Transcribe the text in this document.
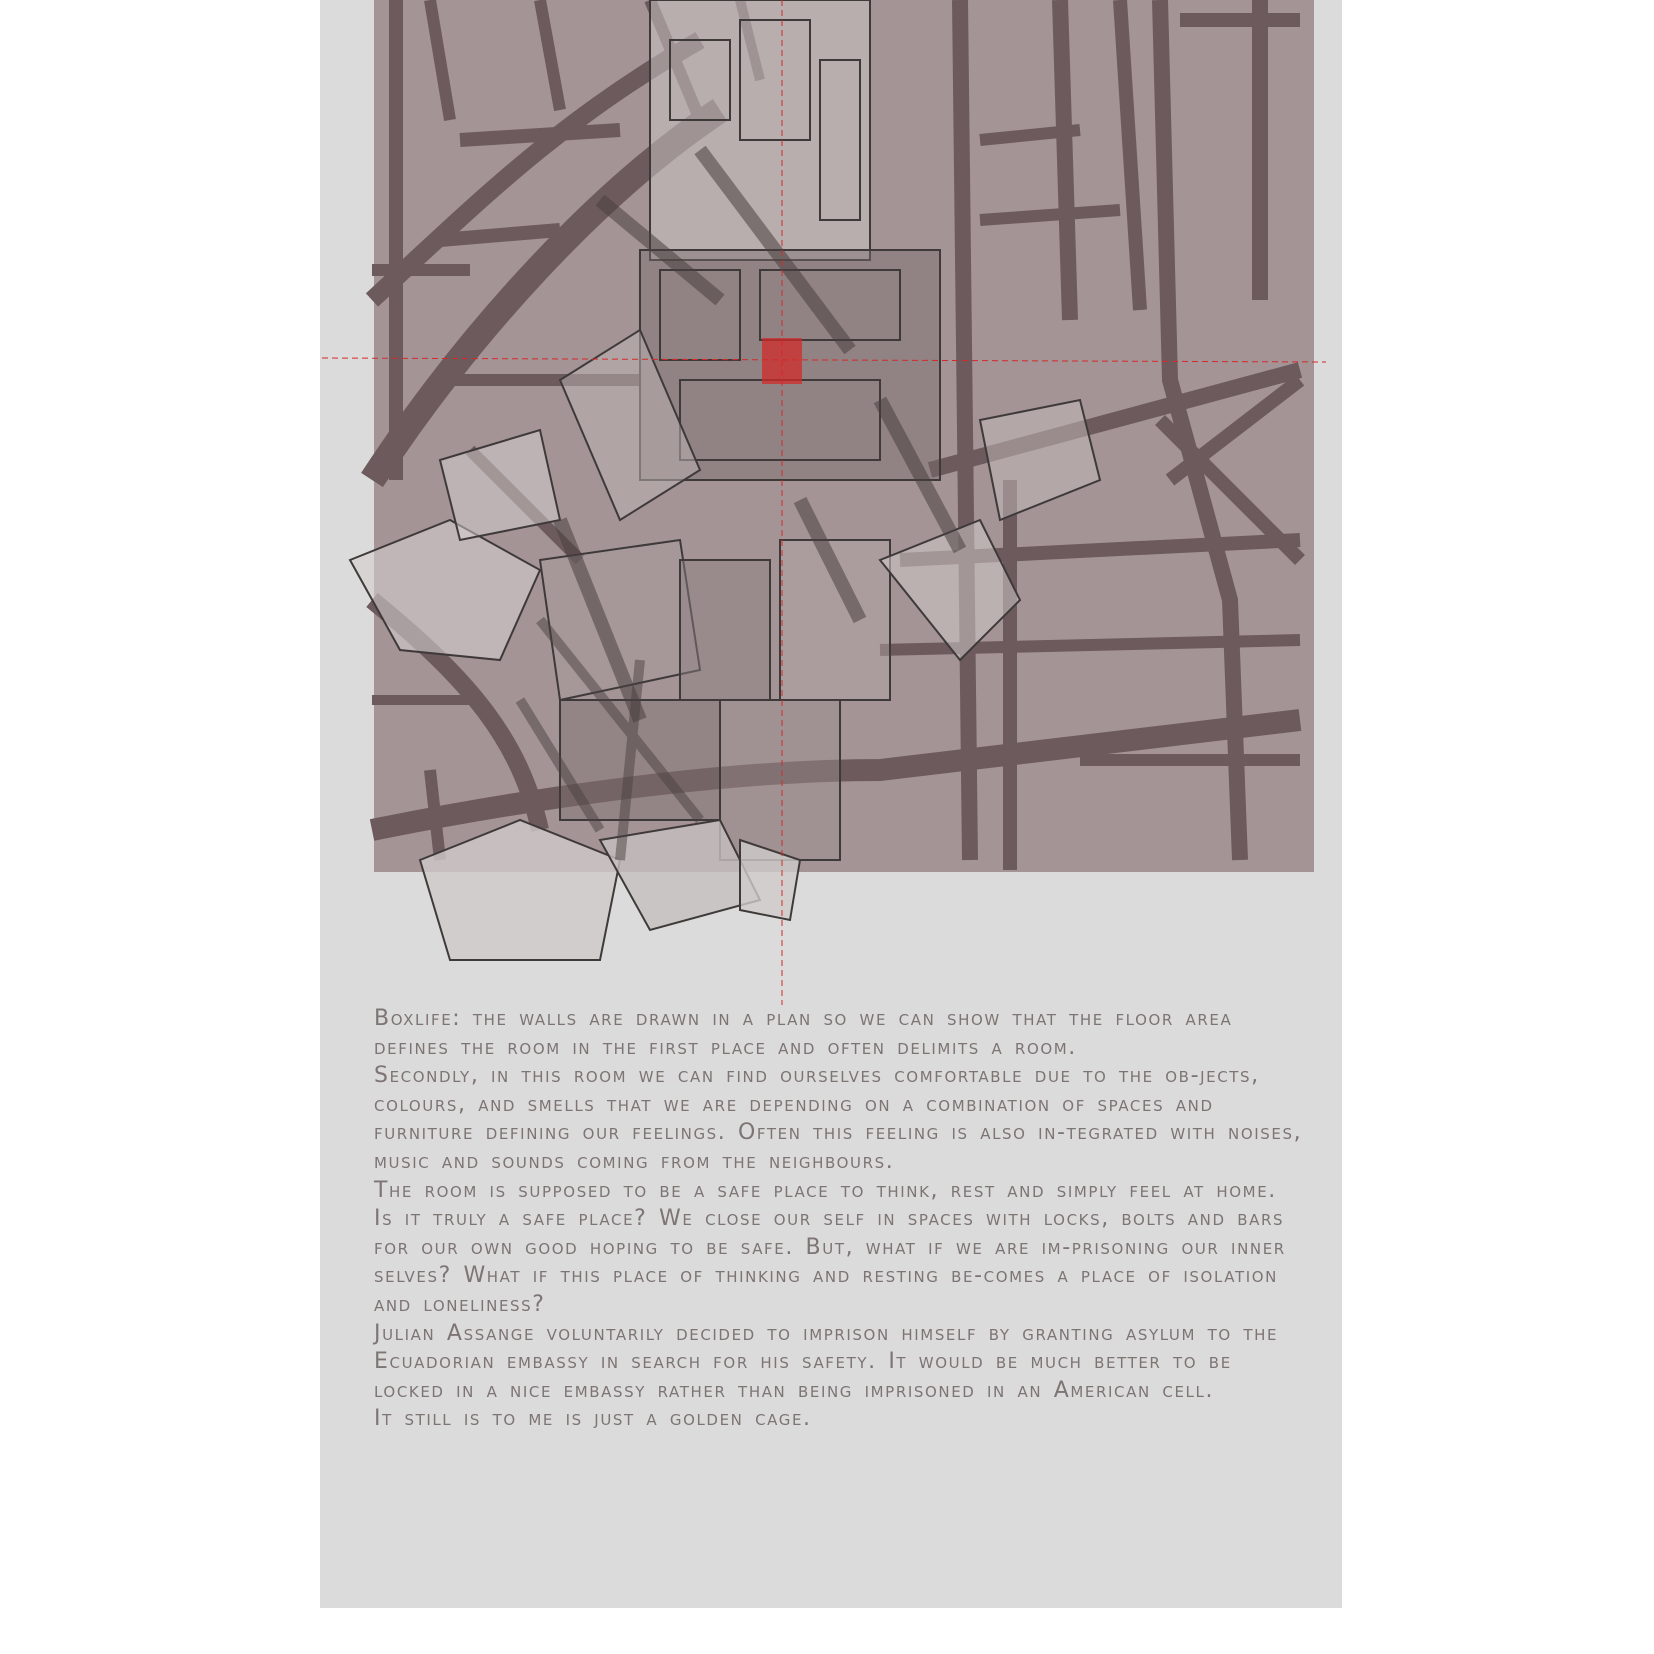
Boxlife: the walls are drawn in a plan so we can show that the floor area defines the room in the first place and often delimits a room.

Secondly, in this room we can find ourselves comfortable due to the ob-jects, colours, and smells that we are depending on a combination of spaces and furniture defining our feelings. Often this feeling is also in-tegrated with noises, music and sounds coming from the neighbours.

The room is supposed to be a safe place to think, rest and simply feel at home. Is it truly a safe place? We close our self in spaces with locks, bolts and bars for our own good hoping to be safe. But, what if we are im-prisoning our inner selves? What if this place of thinking and resting be-comes a place of isolation and loneliness?

Julian Assange voluntarily decided to imprison himself by granting asylum to the Ecuadorian embassy in search for his safety. It would be much better to be locked in a nice embassy rather than being imprisoned in an American cell.

It still is to me is just a golden cage.
